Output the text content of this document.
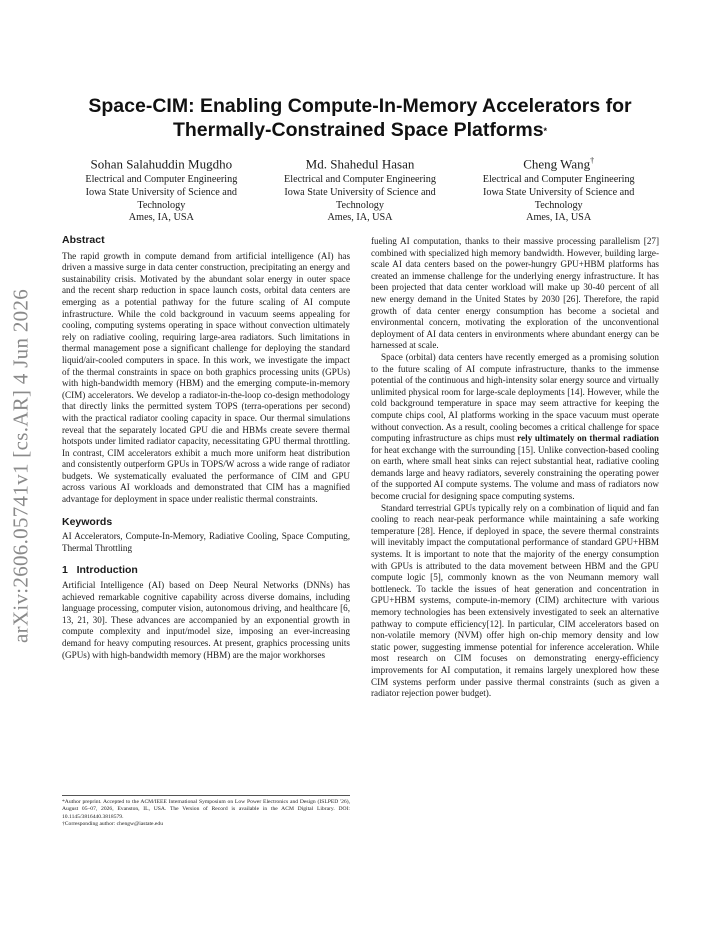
arXiv:2606.05741v1 [cs.AR] 4 Jun 2026
Space-CIM: Enabling Compute-In-Memory Accelerators for
Thermally-Constrained Space Platforms*
Sohan Salahuddin Mugdho
Electrical and Computer Engineering
Iowa State University of Science and
Technology
Ames, IA, USA
Md. Shahedul Hasan
Electrical and Computer Engineering
Iowa State University of Science and
Technology
Ames, IA, USA
Cheng Wang†
Electrical and Computer Engineering
Iowa State University of Science and
Technology
Ames, IA, USA
Abstract

The rapid growth in compute demand from artificial intelligence (AI) has driven a massive surge in data center construction, precipitating an energy and sustainability crisis. Motivated by the abundant solar energy in outer space and the recent sharp reduction in space launch costs, orbital data centers are emerging as a potential pathway for the future scaling of AI compute infrastructure. While the cold background in vacuum seems appealing for cooling, computing systems operating in space without convection ultimately rely on radiative cooling, requiring large-area radiators. Such limitations in thermal management pose a significant challenge for deploying the standard liquid/air-cooled computers in space. In this work, we investigate the impact of the thermal constraints in space on both graphics processing units (GPUs) with high-bandwidth memory (HBM) and the emerging compute-in-memory (CIM) accelerators. We develop a radiator-in-the-loop co-design methodology that directly links the permitted system TOPS (terra-operations per second) with the practical radiator cooling capacity in space. Our thermal simulations reveal that the separately located GPU die and HBMs create severe thermal hotspots under limited radiator capacity, necessitating GPU thermal throttling. In contrast, CIM accelerators exhibit a much more uniform heat distribution and consistently outperform GPUs in TOPS/W across a wide range of radiator budgets. We systematically evaluated the performance of CIM and GPU across various AI workloads and demonstrated that CIM has a magnified advantage for deployment in space under realistic thermal constraints.

Keywords

AI Accelerators, Compute-In-Memory, Radiative Cooling, Space Computing, Thermal Throttling

1   Introduction

Artificial Intelligence (AI) based on Deep Neural Networks (DNNs) has achieved remarkable cognitive capability across diverse domains, including language processing, computer vision, autonomous driving, and healthcare [6, 13, 21, 30]. These advances are accompanied by an exponential growth in compute complexity and input/model size, imposing an ever-increasing demand for heavy computing resources. At present, graphics processing units (GPUs) with high-bandwidth memory (HBM) are the major workhorses

*Author preprint. Accepted to the ACM/IEEE International Symposium on Low Power Electronics and Design (ISLPED '26), August 05–07, 2026, Evanston, IL, USA. The Version of Record is available in the ACM Digital Library. DOI: 10.1145/3816440.3818579.

†Corresponding author: chengw@iastate.edu

fueling AI computation, thanks to their massive processing parallelism [27] combined with specialized high memory bandwidth. However, building large-scale AI data centers based on the power-hungry GPU+HBM platforms has created an immense challenge for the underlying energy infrastructure. It has been projected that data center workload will make up 30-40 percent of all new energy demand in the United States by 2030 [26]. Therefore, the rapid growth of data center energy consumption has become a societal and environmental concern, motivating the exploration of the unconventional deployment of AI data centers in environments where abundant energy can be harnessed at scale.

Space (orbital) data centers have recently emerged as a promising solution to the future scaling of AI compute infrastructure, thanks to the immense potential of the continuous and high-intensity solar energy source and virtually unlimited physical room for large-scale deployments [14]. However, while the cold background temperature in space may seem attractive for keeping the compute chips cool, AI platforms working in the space vacuum must operate without convection. As a result, cooling becomes a critical challenge for space computing infrastructure as chips must rely ultimately on thermal radiation for heat exchange with the surrounding [15]. Unlike convection-based cooling on earth, where small heat sinks can reject substantial heat, radiative cooling demands large and heavy radiators, severely constraining the operating power of the supported AI compute systems. The volume and mass of radiators now become crucial for designing space computing systems.

Standard terrestrial GPUs typically rely on a combination of liquid and fan cooling to reach near-peak performance while maintaining a safe working temperature [28]. Hence, if deployed in space, the severe thermal constraints will inevitably impact the computational performance of standard GPU+HBM systems. It is important to note that the majority of the energy consumption with GPUs is attributed to the data movement between HBM and the GPU compute logic [5], commonly known as the von Neumann memory wall bottleneck. To tackle the issues of heat generation and concentration in GPU+HBM systems, compute-in-memory (CIM) architecture with various memory technologies has been extensively investigated to seek an alternative pathway to compute efficiency[12]. In particular, CIM accelerators based on non-volatile memory (NVM) offer high on-chip memory density and low static power, suggesting immense potential for inference acceleration. While most research on CIM focuses on demonstrating energy-efficiency improvements for AI computation, it remains largely unexplored how these CIM systems perform under passive thermal constraints (such as given a radiator rejection power budget).
